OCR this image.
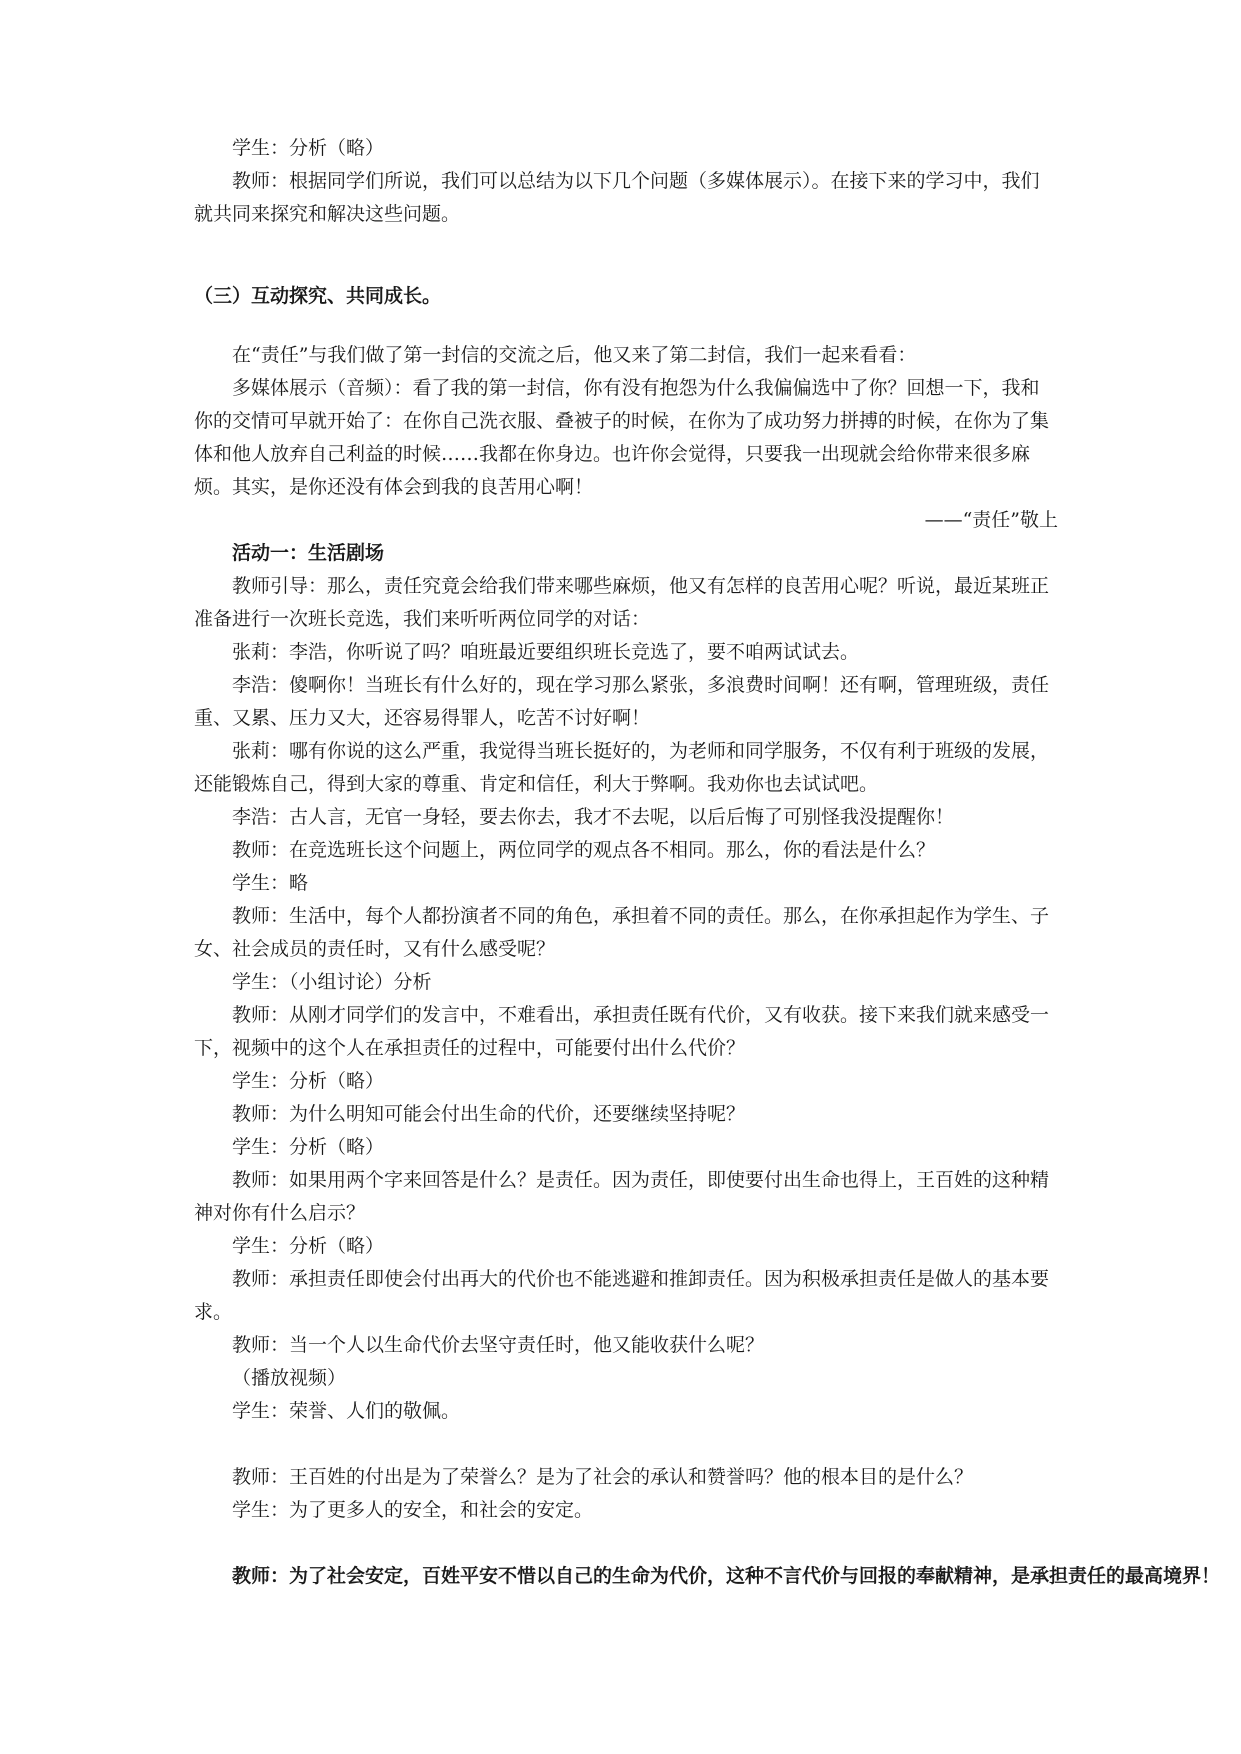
学生：分析（略）

教师：根据同学们所说，我们可以总结为以下几个问题（多媒体展示）。在接下来的学习中，我们就共同来探究和解决这些问题。

（三）互动探究、共同成长。

在“责任”与我们做了第一封信的交流之后，他又来了第二封信，我们一起来看看：

多媒体展示（音频）：看了我的第一封信，你有没有抱怨为什么我偏偏选中了你？回想一下，我和你的交情可早就开始了：在你自己洗衣服、叠被子的时候，在你为了成功努力拼搏的时候，在你为了集体和他人放弃自己利益的时候……我都在你身边。也许你会觉得，只要我一出现就会给你带来很多麻烦。其实，是你还没有体会到我的良苦用心啊！

——“责任”敬上
活动一：生活剧场

教师引导：那么，责任究竟会给我们带来哪些麻烦，他又有怎样的良苦用心呢？听说，最近某班正准备进行一次班长竞选，我们来听听两位同学的对话：

张莉：李浩，你听说了吗？咱班最近要组织班长竞选了，要不咱两试试去。

李浩：傻啊你！当班长有什么好的，现在学习那么紧张，多浪费时间啊！还有啊，管理班级，责任重、又累、压力又大，还容易得罪人，吃苦不讨好啊！

张莉：哪有你说的这么严重，我觉得当班长挺好的，为老师和同学服务，不仅有利于班级的发展，还能锻炼自己，得到大家的尊重、肯定和信任，利大于弊啊。我劝你也去试试吧。

李浩：古人言，无官一身轻，要去你去，我才不去呢，以后后悔了可别怪我没提醒你！

教师：在竞选班长这个问题上，两位同学的观点各不相同。那么，你的看法是什么？

学生：略

教师：生活中，每个人都扮演者不同的角色，承担着不同的责任。那么，在你承担起作为学生、子女、社会成员的责任时，又有什么感受呢？

学生：（小组讨论）分析

教师：从刚才同学们的发言中，不难看出，承担责任既有代价，又有收获。接下来我们就来感受一下，视频中的这个人在承担责任的过程中，可能要付出什么代价？

学生：分析（略）

教师：为什么明知可能会付出生命的代价，还要继续坚持呢？

学生：分析（略）

教师：如果用两个字来回答是什么？是责任。因为责任，即使要付出生命也得上，王百姓的这种精神对你有什么启示？

学生：分析（略）

教师：承担责任即使会付出再大的代价也不能逃避和推卸责任。因为积极承担责任是做人的基本要求。

教师：当一个人以生命代价去坚守责任时，他又能收获什么呢？

（播放视频）

学生：荣誉、人们的敬佩。

教师：王百姓的付出是为了荣誉么？是为了社会的承认和赞誉吗？他的根本目的是什么？

学生：为了更多人的安全，和社会的安定。

教师：为了社会安定，百姓平安不惜以自己的生命为代价，这种不言代价与回报的奉献精神，是承担责任的最高境界！
